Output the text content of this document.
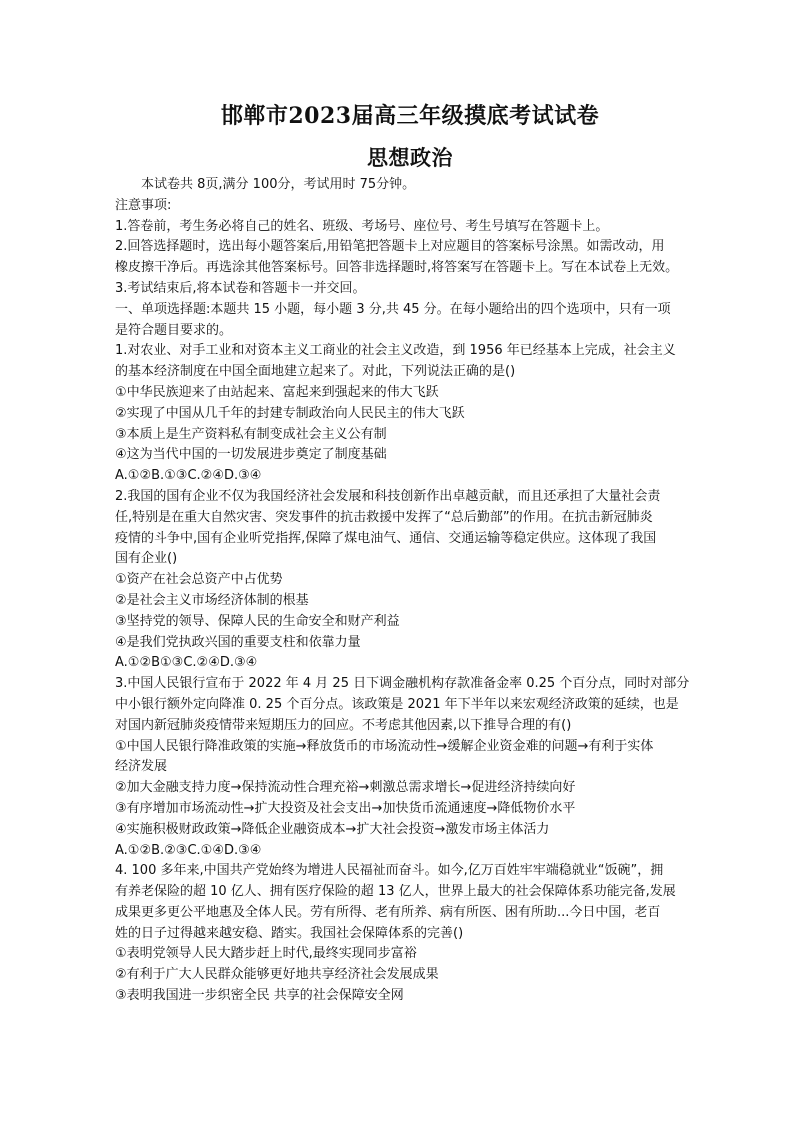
邯郸市2023届高三年级摸底考试试卷
思想政治

本试卷共 8页,满分 100分，考试用时 75分钟。

注意事项:

1.答卷前，考生务必将自己的姓名、班级、考场号、座位号、考生号填写在答题卡上。

2.回答选择题时，选出每小题答案后,用铅笔把答题卡上对应题目的答案标号涂黑。如需改动，用

橡皮擦干净后。再选涂其他答案标号。回答非选择题时,将答案写在答题卡上。写在本试卷上无效。

3.考试结束后,将本试卷和答题卡一并交回。

一、单项选择题:本题共 15 小题，每小题 3 分,共 45 分。在每小题给出的四个选项中，只有一项

是符合题目要求的。

1.对农业、对手工业和对资本主义工商业的社会主义改造，到 1956 年已经基本上完成，社会主义

的基本经济制度在中国全面地建立起来了。对此，下列说法正确的是()

①中华民族迎来了由站起来、富起来到强起来的伟大飞跃

②实现了中国从几千年的封建专制政治向人民民主的伟大飞跃

③本质上是生产资料私有制变成社会主义公有制

④这为当代中国的一切发展进步奠定了制度基础

A.①②B.①③C.②④D.③④

2.我国的国有企业不仅为我国经济社会发展和科技创新作出卓越贡献，而且还承担了大量社会责

任,特别是在重大自然灾害、突发事件的抗击救援中发挥了“总后勤部”的作用。在抗击新冠肺炎

疫情的斗争中,国有企业听党指挥,保障了煤电油气、通信、交通运输等稳定供应。这体现了我国

国有企业()

①资产在社会总资产中占优势

②是社会主义市场经济体制的根基

③坚持党的领导、保障人民的生命安全和财产利益

④是我们党执政兴国的重要支柱和依靠力量

A.①②B①③C.②④D.③④

3.中国人民银行宣布于 2022 年 4 月 25 日下调金融机构存款准备金率 0.25 个百分点，同时对部分

中小银行额外定向降准 0. 25 个百分点。该政策是 2021 年下半年以来宏观经济政策的延续，也是

对国内新冠肺炎疫情带来短期压力的回应。不考虑其他因素,以下推导合理的有()

①中国人民银行降准政策的实施→释放货币的市场流动性→缓解企业资金难的问题→有利于实体

经济发展

②加大金融支持力度→保持流动性合理充裕→刺激总需求增长→促进经济持续向好

③有序增加市场流动性→扩大投资及社会支出→加快货币流通速度→降低物价水平

④实施积极财政政策→降低企业融资成本→扩大社会投资→激发市场主体活力

A.①②B.②③C.①④D.③④

4. 100 多年来,中国共产党始终为增进人民福祉而奋斗。如今,亿万百姓牢牢端稳就业“饭碗”，拥

有养老保险的超 10 亿人、拥有医疗保险的超 13 亿人，世界上最大的社会保障体系功能完备,发展

成果更多更公平地惠及全体人民。劳有所得、老有所养、病有所医、困有所助...今日中国，老百

姓的日子过得越来越安稳、踏实。我国社会保障体系的完善()

①表明党领导人民大踏步赶上时代,最终实现同步富裕

②有利于广大人民群众能够更好地共享经济社会发展成果

③表明我国进一步织密全民 共享的社会保障安全网
